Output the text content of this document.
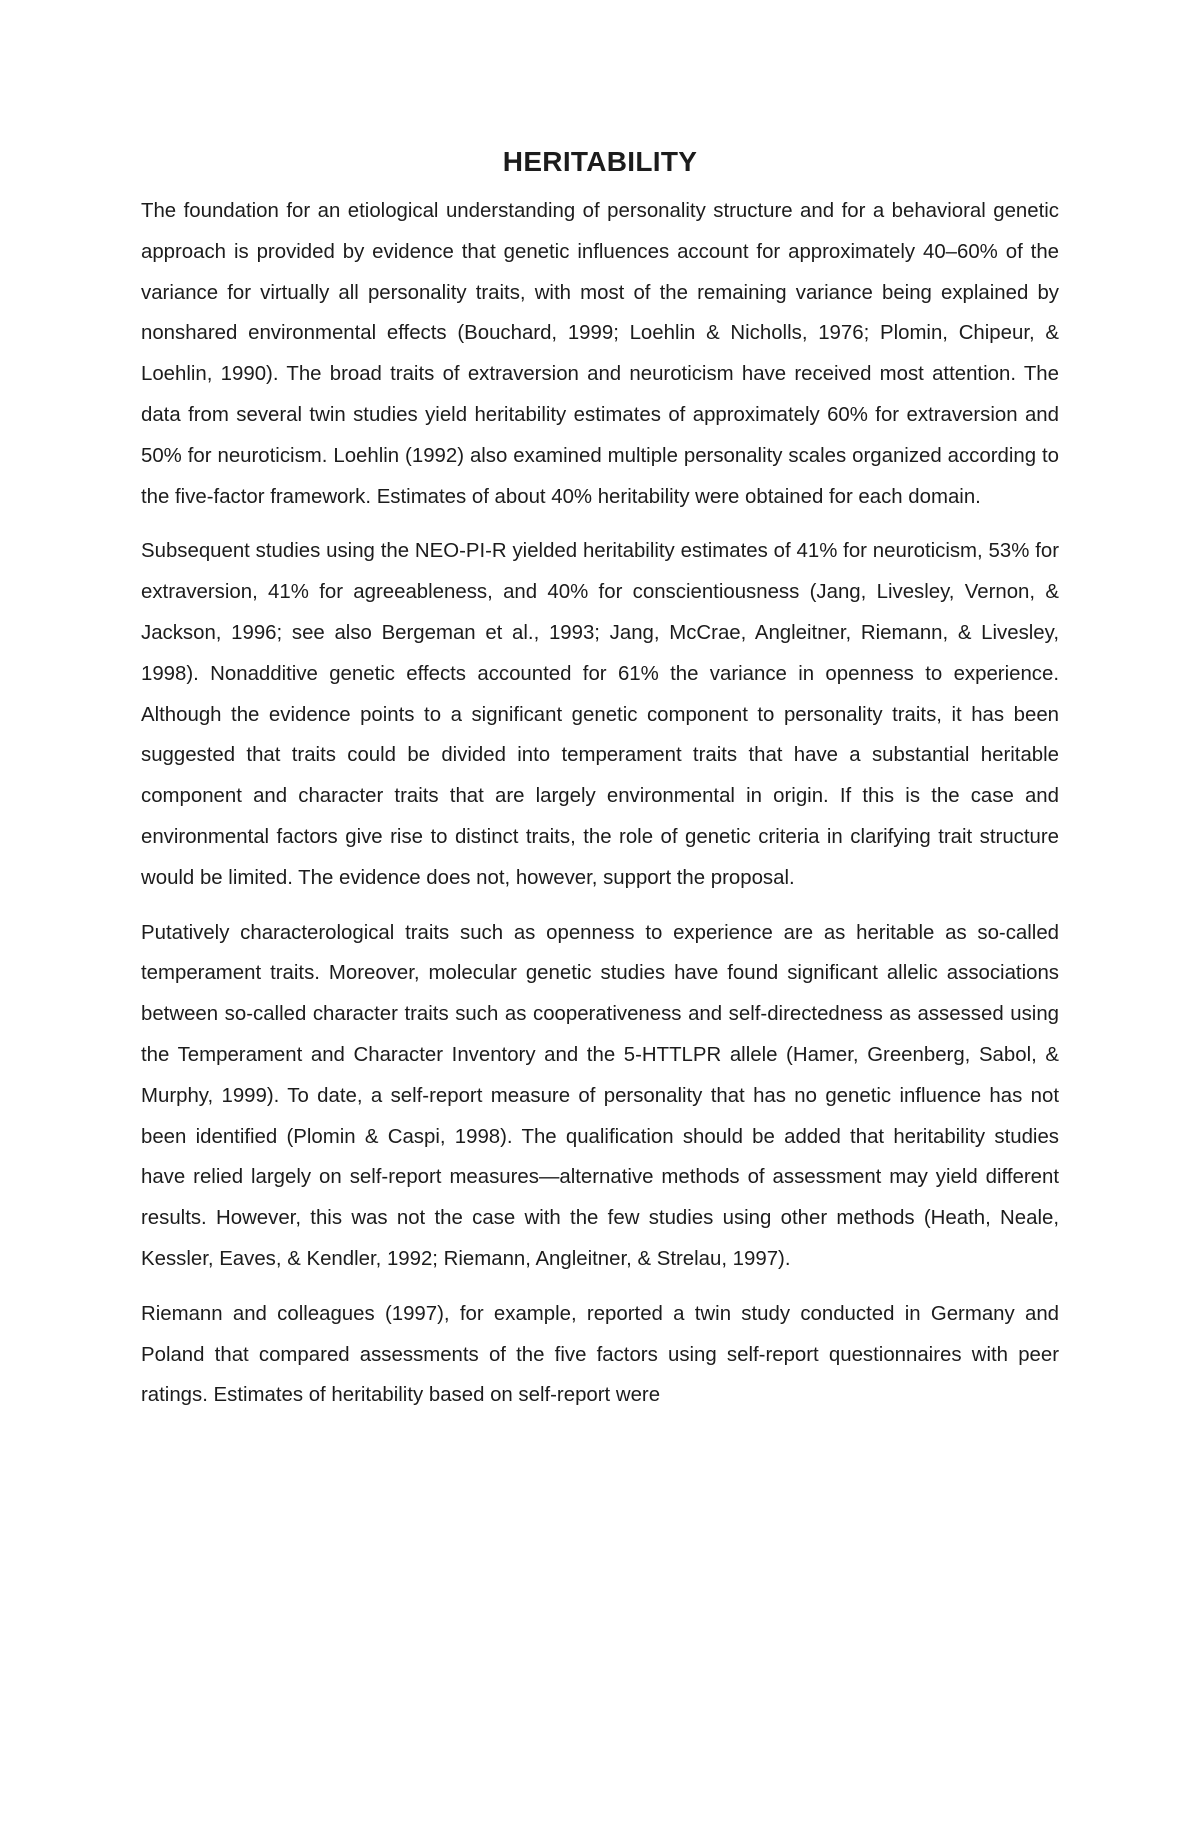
HERITABILITY

The foundation for an etiological understanding of personality structure and for a behavioral genetic approach is provided by evidence that genetic influences account for approximately 40–60% of the variance for virtually all personality traits, with most of the remaining variance being explained by nonshared environmental effects (Bouchard, 1999; Loehlin & Nicholls, 1976; Plomin, Chipeur, & Loehlin, 1990). The broad traits of extraversion and neuroticism have received most attention. The data from several twin studies yield heritability estimates of approximately 60% for extraversion and 50% for neuroticism. Loehlin (1992) also examined multiple personality scales organized according to the five-factor framework. Estimates of about 40% heritability were obtained for each domain.

Subsequent studies using the NEO-PI-R yielded heritability estimates of 41% for neuroticism, 53% for extraversion, 41% for agreeableness, and 40% for conscientiousness (Jang, Livesley, Vernon, & Jackson, 1996; see also Bergeman et al., 1993; Jang, McCrae, Angleitner, Riemann, & Livesley, 1998). Nonadditive genetic effects accounted for 61% the variance in openness to experience. Although the evidence points to a significant genetic component to personality traits, it has been suggested that traits could be divided into temperament traits that have a substantial heritable component and character traits that are largely environmental in origin. If this is the case and environmental factors give rise to distinct traits, the role of genetic criteria in clarifying trait structure would be limited. The evidence does not, however, support the proposal.

Putatively characterological traits such as openness to experience are as heritable as so-called temperament traits. Moreover, molecular genetic studies have found significant allelic associations between so-called character traits such as cooperativeness and self-directedness as assessed using the Temperament and Character Inventory and the 5-HTTLPR allele (Hamer, Greenberg, Sabol, & Murphy, 1999). To date, a self-report measure of personality that has no genetic influence has not been identified (Plomin & Caspi, 1998). The qualification should be added that heritability studies have relied largely on self-report measures—alternative methods of assessment may yield different results. However, this was not the case with the few studies using other methods (Heath, Neale, Kessler, Eaves, & Kendler, 1992; Riemann, Angleitner, & Strelau, 1997).

Riemann and colleagues (1997), for example, reported a twin study conducted in Germany and Poland that compared assessments of the five factors using self-report questionnaires with peer ratings. Estimates of heritability based on self-report were
